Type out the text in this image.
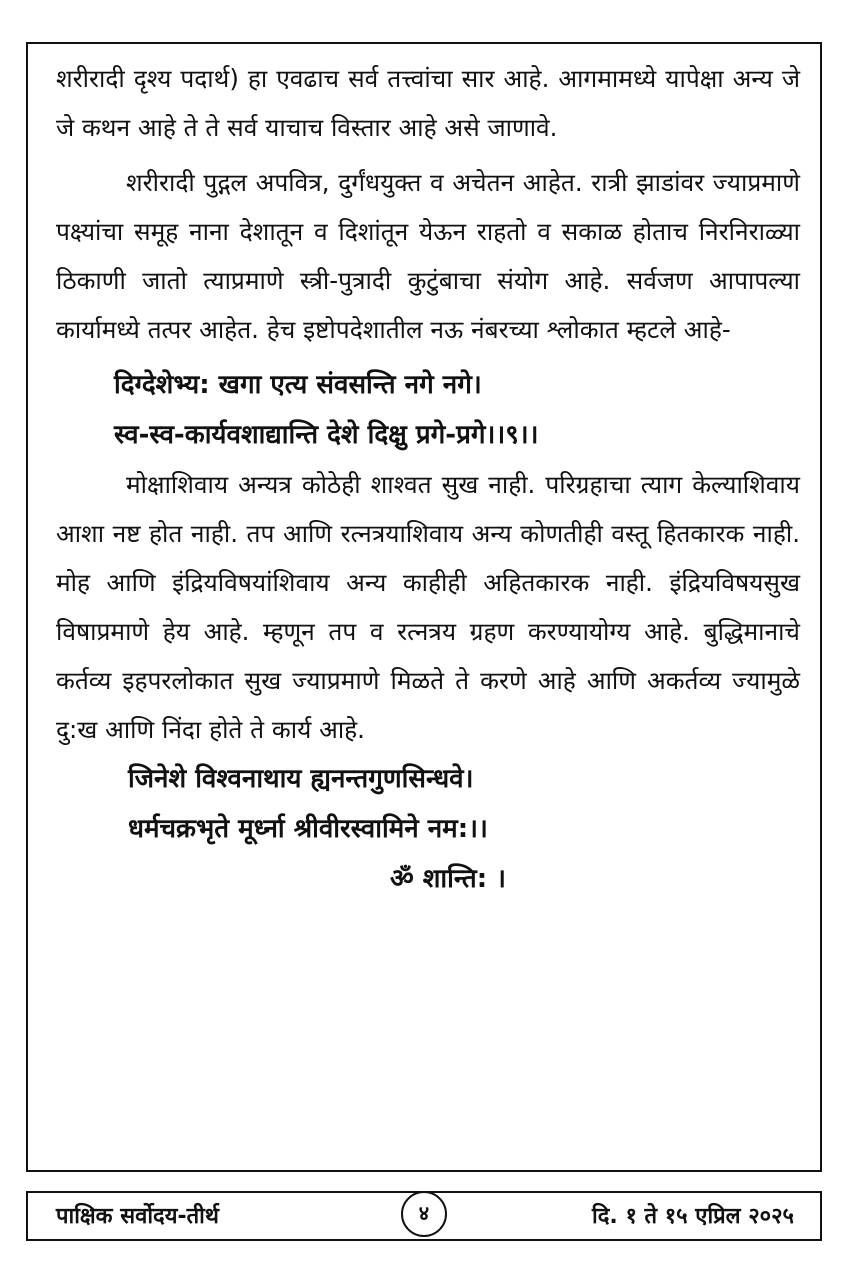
शरीरादी दृश्य पदार्थ) हा एवढाच सर्व तत्त्वांचा सार आहे. आगमामध्ये यापेक्षा अन्य जे जे कथन आहे ते ते सर्व याचाच विस्तार आहे असे जाणावे.

शरीरादी पुद्गल अपवित्र, दुर्गंधयुक्त व अचेतन आहेत. रात्री झाडांवर ज्याप्रमाणे पक्ष्यांचा समूह नाना देशातून व दिशांतून येऊन राहतो व सकाळ होताच निरनिराळ्या ठिकाणी जातो त्याप्रमाणे स्त्री-पुत्रादी कुटुंबाचा संयोग आहे. सर्वजण आपापल्या कार्यामध्ये तत्पर आहेत. हेच इष्टोपदेशातील नऊ नंबरच्या श्लोकात म्हटले आहे-

दिग्देशेभ्य: खगा एत्य संवसन्ति नगे नगे।

स्व-स्व-कार्यवशाद्यान्ति देशे दिक्षु प्रगे-प्रगे।।९।।

मोक्षाशिवाय अन्यत्र कोठेही शाश्वत सुख नाही. परिग्रहाचा त्याग केल्याशिवाय आशा नष्ट होत नाही. तप आणि रत्नत्रयाशिवाय अन्य कोणतीही वस्तू हितकारक नाही. मोह आणि इंद्रियविषयांशिवाय अन्य काहीही अहितकारक नाही. इंद्रियविषयसुख विषाप्रमाणे हेय आहे. म्हणून तप व रत्नत्रय ग्रहण करण्यायोग्य आहे. बुद्धिमानाचे कर्तव्य इहपरलोकात सुख ज्याप्रमाणे मिळते ते करणे आहे आणि अकर्तव्य ज्यामुळे दु:ख आणि निंदा होते ते कार्य आहे.

जिनेशे विश्वनाथाय ह्यनन्तगुणसिन्धवे।

धर्मचक्रभृते मूर्ध्ना श्रीवीरस्वामिने नम:।।

ॐ शान्ति: ।

पाक्षिक सर्वोदय-तीर्थ	४	दि. १ ते १५ एप्रिल २०२५
